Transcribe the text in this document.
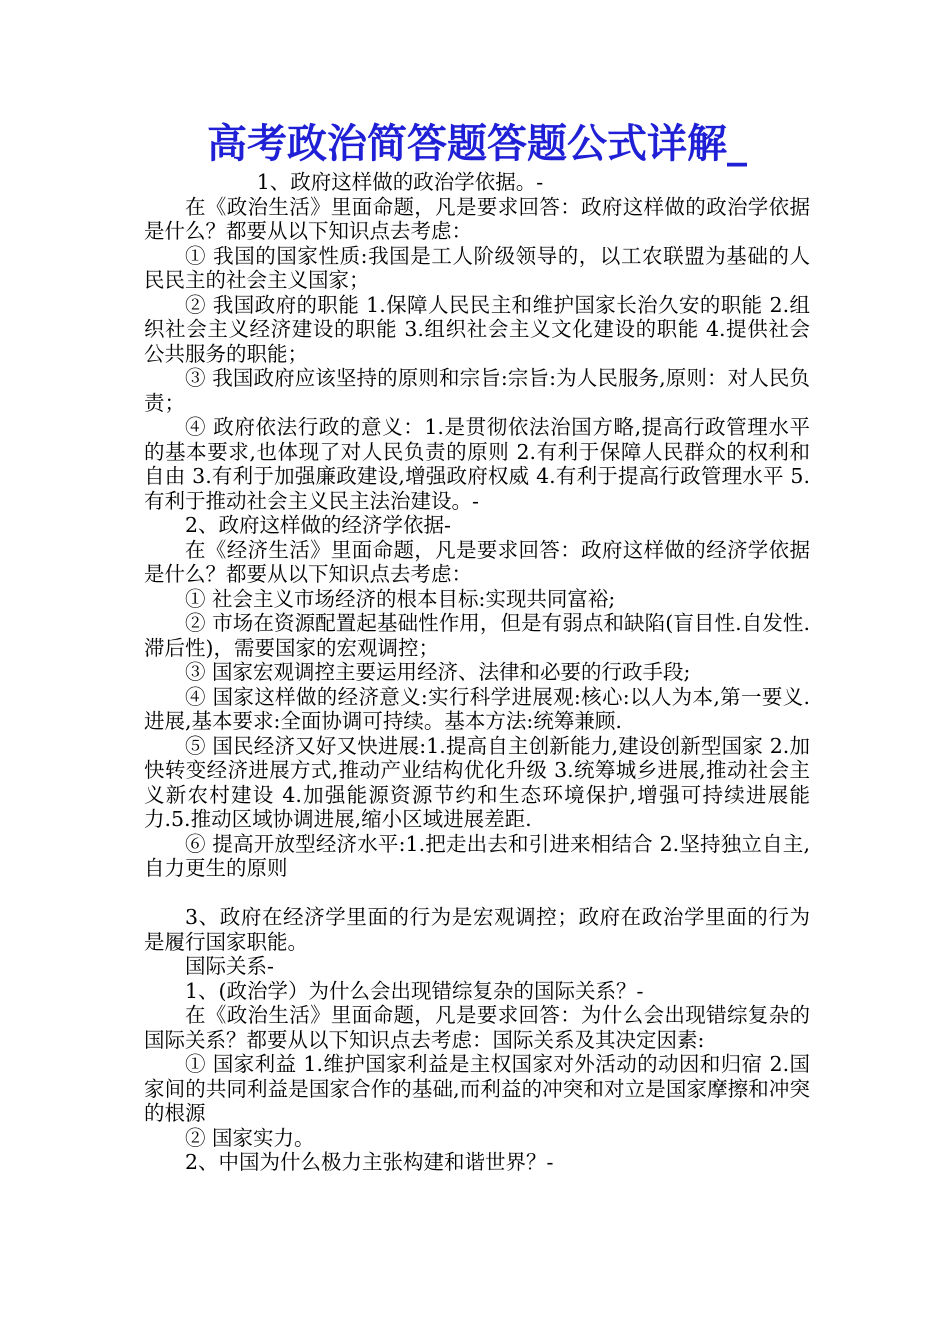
高考政治简答题答题公式详解_

1、政府这样做的政治学依据。-

在《政治生活》里面命题，凡是要求回答：政府这样做的政治学依据是什么？都要从以下知识点去考虑：

① 我国的国家性质:我国是工人阶级领导的，以工农联盟为基础的人民民主的社会主义国家；

② 我国政府的职能 1.保障人民民主和维护国家长治久安的职能 2.组织社会主义经济建设的职能 3.组织社会主义文化建设的职能 4.提供社会公共服务的职能；

③ 我国政府应该坚持的原则和宗旨:宗旨:为人民服务,原则：对人民负责；

④ 政府依法行政的意义：1.是贯彻依法治国方略,提高行政管理水平的基本要求,也体现了对人民负责的原则 2.有利于保障人民群众的权利和自由 3.有利于加强廉政建设,增强政府权威 4.有利于提高行政管理水平 5.有利于推动社会主义民主法治建设。-

2、政府这样做的经济学依据-

在《经济生活》里面命题，凡是要求回答：政府这样做的经济学依据是什么？都要从以下知识点去考虑：

① 社会主义市场经济的根本目标:实现共同富裕;

② 市场在资源配置起基础性作用，但是有弱点和缺陷(盲目性.自发性.滞后性)，需要国家的宏观调控；

③ 国家宏观调控主要运用经济、法律和必要的行政手段;

④ 国家这样做的经济意义:实行科学进展观:核心:以人为本,第一要义.进展,基本要求:全面协调可持续。基本方法:统筹兼顾.

⑤ 国民经济又好又快进展:1.提高自主创新能力,建设创新型国家 2.加快转变经济进展方式,推动产业结构优化升级 3.统筹城乡进展,推动社会主义新农村建设 4.加强能源资源节约和生态环境保护,增强可持续进展能力.5.推动区域协调进展,缩小区域进展差距.

⑥ 提高开放型经济水平:1.把走出去和引进来相结合 2.坚持独立自主,自力更生的原则

3、政府在经济学里面的行为是宏观调控；政府在政治学里面的行为是履行国家职能。

国际关系-

1、(政治学）为什么会出现错综复杂的国际关系？-

在《政治生活》里面命题，凡是要求回答：为什么会出现错综复杂的国际关系？都要从以下知识点去考虑：国际关系及其决定因素:

① 国家利益 1.维护国家利益是主权国家对外活动的动因和归宿 2.国家间的共同利益是国家合作的基础,而利益的冲突和对立是国家摩擦和冲突的根源

② 国家实力。

2、中国为什么极力主张构建和谐世界？-
